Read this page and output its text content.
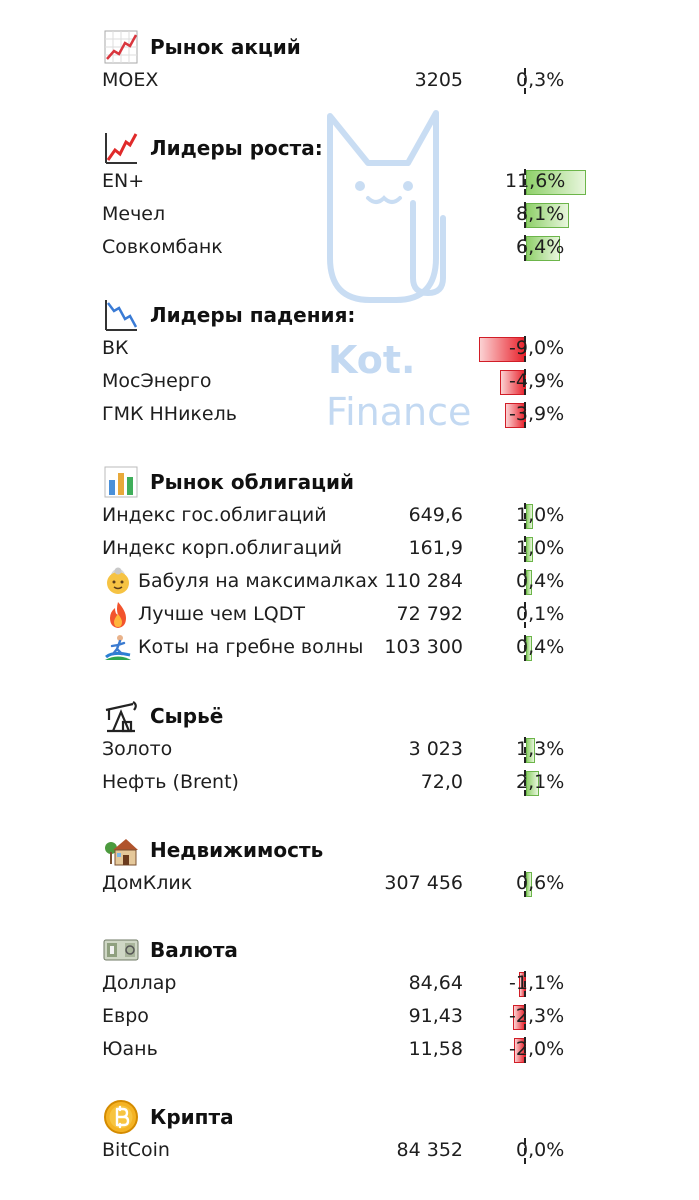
Kot.
Finance
Рынок акций
MOEX	3205	0,3%
Лидеры роста:
EN+	11,6%
Мечел	8,1%
Совкомбанк	6,4%
Лидеры падения:
ВК	-9,0%
МосЭнерго	-4,9%
ГМК ННикель	-3,9%
Рынок облигаций
Индекс гос.облигаций	649,6	1,0%
Индекс корп.облигаций	161,9	1,0%
Бабуля на максималках 110 284	0,4%
Лучше чем LQDT	72 792	0,1%
Коты на гребне волны 103 300	0,4%
Сырьё
Золото	3 023	1,3%
Нефть (Brent)	72,0	2,1%
Недвижимость
ДомКлик	307 456	0,6%
Валюта
Доллар	84,64 -1,1%
Евро	91,43 -2,3%
Юань	11,58 -2,0%
Крипта
BitCoin	84 352	0,0%
